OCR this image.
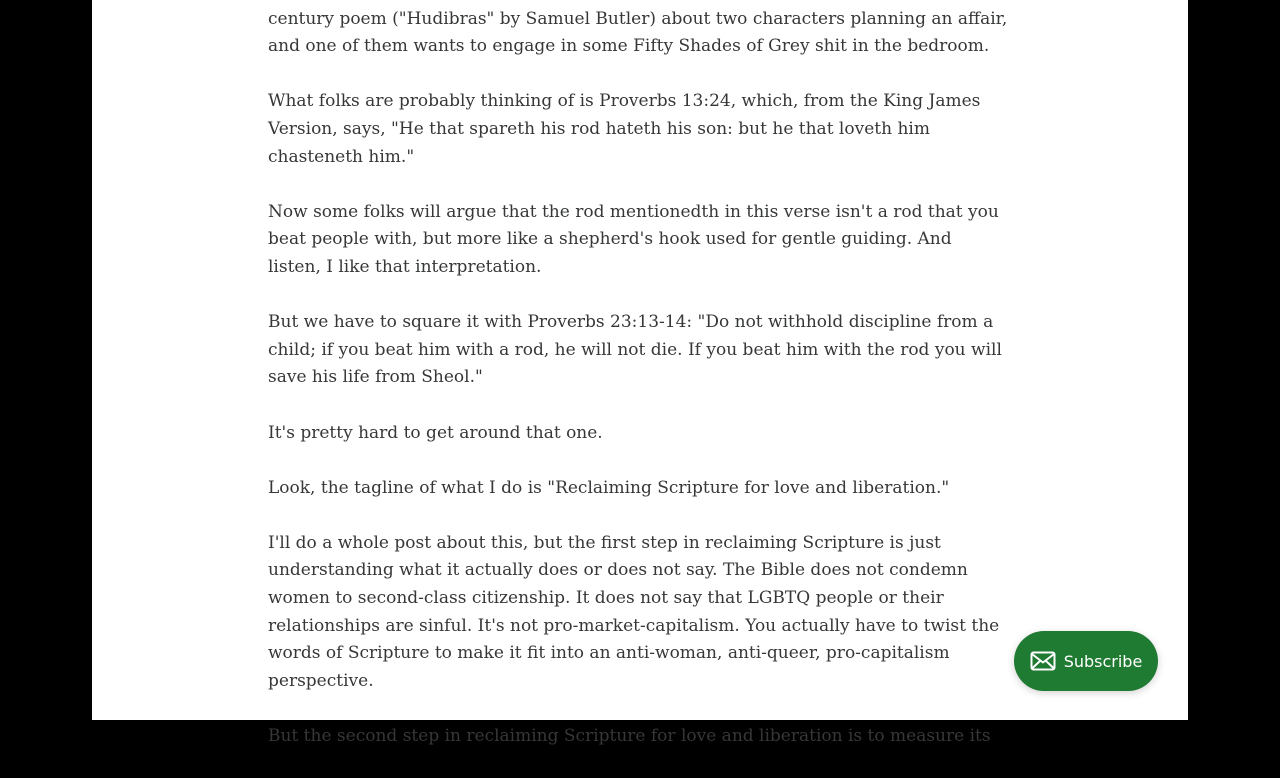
century poem ("Hudibras" by Samuel Butler) about two characters planning an affair, and one of them wants to engage in some Fifty Shades of Grey shit in the bedroom.

What folks are probably thinking of is Proverbs 13:24, which, from the King James Version, says, "He that spareth his rod hateth his son: but he that loveth him chasteneth him."

Now some folks will argue that the rod mentionedth in this verse isn't a rod that you beat people with, but more like a shepherd's hook used for gentle guiding. And listen, I like that interpretation.

But we have to square it with Proverbs 23:13-14: "Do not withhold discipline from a child; if you beat him with a rod, he will not die. If you beat him with the rod you will save his life from Sheol."

It's pretty hard to get around that one.

Look, the tagline of what I do is "Reclaiming Scripture for love and liberation."

I'll do a whole post about this, but the first step in reclaiming Scripture is just understanding what it actually does or does not say. The Bible does not condemn women to second-class citizenship. It does not say that LGBTQ people or their relationships are sinful. It's not pro-market-capitalism. You actually have to twist the words of Scripture to make it fit into an anti-woman, anti-queer, pro-capitalism perspective.

But the second step in reclaiming Scripture for love and liberation is to measure its

Subscribe
